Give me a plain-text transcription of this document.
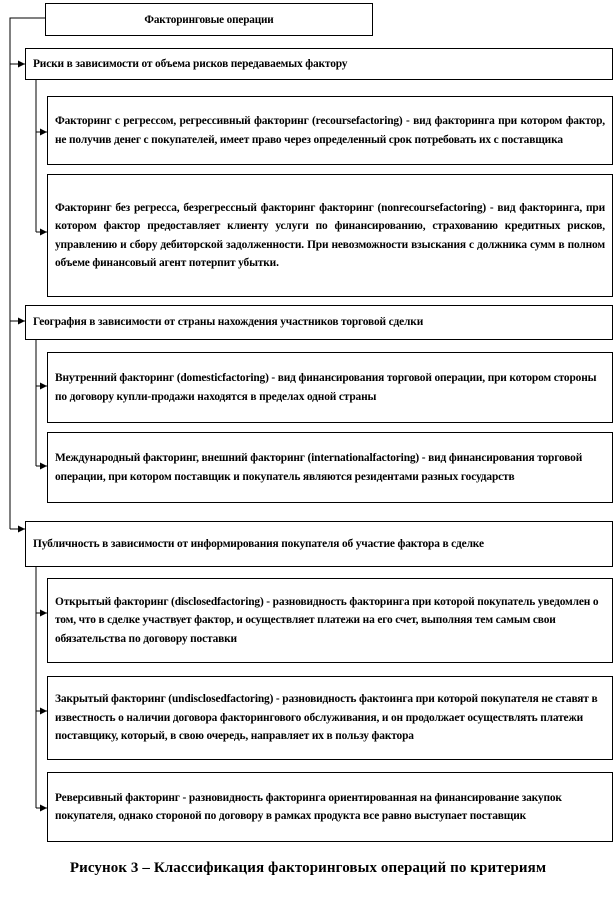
Факторинговые операции
Риски в зависимости от объема рисков передаваемых фактору
Факторинг с регрессом, регрессивный факторинг (recoursefactoring) - вид факторинга при котором фактор, не получив денег с покупателей, имеет право через определенный срок потребовать их с поставщика
Факторинг без регресса, безрегрессный факторинг факторинг (nonrecoursefactoring) - вид факторинга, при котором фактор предоставляет клиенту услуги по финансированию, страхованию кредитных рисков, управлению и сбору дебиторской задолженности. При невозможности взыскания с должника сумм в полном объеме финансовый агент потерпит убытки.
География в зависимости от страны нахождения участников торговой сделки
Внутренний факторинг (domesticfactoring) - вид финансирования торговой операции, при котором стороны по договору купли-продажи находятся в пределах одной страны
Международный факторинг, внешний факторинг (internationalfactoring) - вид финансирования торговой операции, при котором поставщик и покупатель являются резидентами разных государств
Публичность в зависимости от информирования покупателя об участие фактора в сделке
Открытый факторинг (disclosedfactoring) - разновидность факторинга при которой покупатель уведомлен о том, что в сделке участвует фактор, и осуществляет платежи на его счет, выполняя тем самым свои обязательства по договору поставки
Закрытый факторинг (undisclosedfactoring) - разновидность фактоинга при которой покупателя не ставят в известность о наличии договора факторингового обслуживания, и он продолжает осуществлять платежи поставщику, который, в свою очередь, направляет их в пользу фактора
Реверсивный факторинг - разновидность факторинга ориентированная на финансирование закупок покупателя, однако стороной по договору в рамках продукта все равно выступает поставщик
Рисунок 3 – Классификация факторинговых операций по критериям
